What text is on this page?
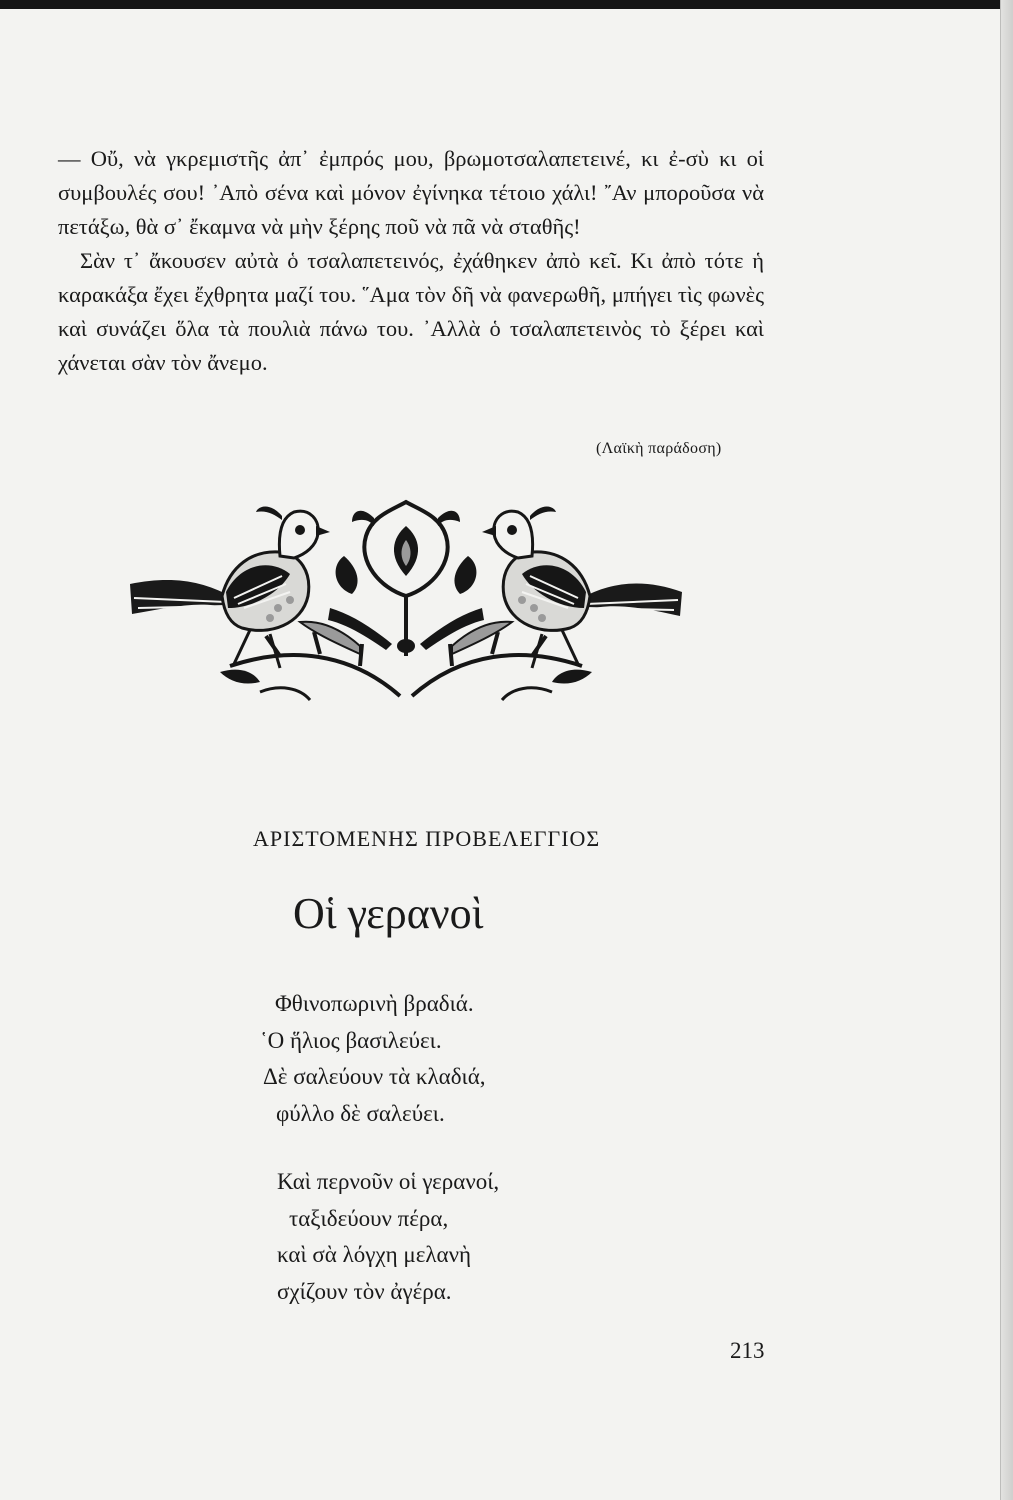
— Οὔ, νὰ γκρεμιστῆς ἀπ᾽ ἐμπρός μου, βρωμοτσαλαπετεινέ, κι ἐ-σὺ κι οἱ συμβουλές σου! ᾽Απὸ σένα καὶ μόνον ἐγίνηκα τέτοιο χάλι! ῎Αν μποροῦσα νὰ πετάξω, θὰ σ᾽ ἔκαμνα νὰ μὴν ξέρης ποῦ νὰ πᾶ νὰ σταθῆς!

Σὰν τ᾽ ἄκουσεν αὐτὰ ὁ τσαλαπετεινός, ἐχάθηκεν ἀπὸ κεῖ. Κι ἀπὸ τότε ἡ καρακάξα ἔχει ἔχθρητα μαζί του. ῞Αμα τὸν δῆ νὰ φανερωθῆ, μπήγει τὶς φωνὲς καὶ συνάζει ὅλα τὰ πουλιὰ πάνω του. ᾽Αλλὰ ὁ τσαλαπετεινὸς τὸ ξέρει καὶ χάνεται σὰν τὸν ἄνεμο.

(Λαϊκὴ παράδοση)
ΑΡΙΣΤΟΜΕΝΗΣ ΠΡΟΒΕΛΕΓΓΙΟΣ
Οἱ γερανοὶ
Φθινοπωρινὴ βραδιά.
῾Ο ἥλιος βασιλεύει.
Δὲ σαλεύουν τὰ κλαδιά,
φύλλο δὲ σαλεύει.
Καὶ περνοῦν οἱ γερανοί,
ταξιδεύουν πέρα,
καὶ σὰ λόγχη μελανὴ
σχίζουν τὸν ἀγέρα.
213
